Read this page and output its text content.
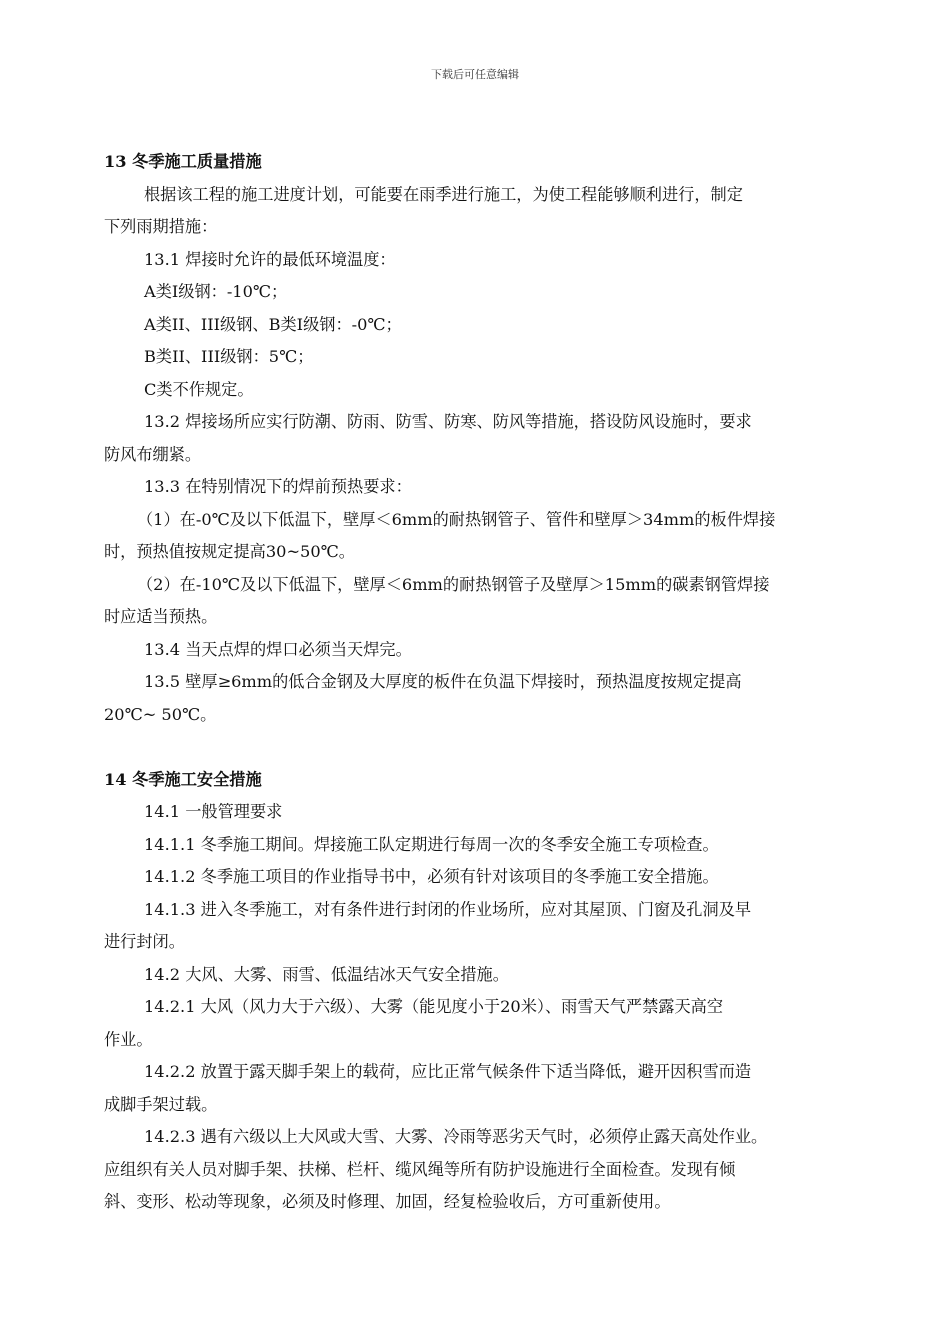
下载后可任意编辑
13 冬季施工质量措施
根据该工程的施工进度计划，可能要在雨季进行施工，为使工程能够顺利进行，制定
下列雨期措施：
13.1 焊接时允许的最低环境温度：
A类Ⅰ级钢：-10℃；
A类II、III级钢、B类Ⅰ级钢：-0℃；
B类II、III级钢：5℃；
C类不作规定。
13.2 焊接场所应实行防潮、防雨、防雪、防寒、防风等措施，搭设防风设施时，要求
防风布绷紧。
13.3 在特别情况下的焊前预热要求：
（1）在-0℃及以下低温下，壁厚＜6mm的耐热钢管子、管件和壁厚＞34mm的板件焊接
时，预热值按规定提高30~50℃。
（2）在-10℃及以下低温下，壁厚＜6mm的耐热钢管子及壁厚＞15mm的碳素钢管焊接
时应适当预热。
13.4 当天点焊的焊口必须当天焊完。
13.5 壁厚≥6mm的低合金钢及大厚度的板件在负温下焊接时，预热温度按规定提高
20℃~ 50℃。
14 冬季施工安全措施
14.1 一般管理要求
14.1.1 冬季施工期间。焊接施工队定期进行每周一次的冬季安全施工专项检查。
14.1.2 冬季施工项目的作业指导书中，必须有针对该项目的冬季施工安全措施。
14.1.3 进入冬季施工，对有条件进行封闭的作业场所，应对其屋顶、门窗及孔洞及早
进行封闭。
14.2 大风、大雾、雨雪、低温结冰天气安全措施。
14.2.1 大风（风力大于六级）、大雾（能见度小于20米）、雨雪天气严禁露天高空
作业。
14.2.2 放置于露天脚手架上的载荷，应比正常气候条件下适当降低，避开因积雪而造
成脚手架过载。
14.2.3 遇有六级以上大风或大雪、大雾、冷雨等恶劣天气时，必须停止露天高处作业。
应组织有关人员对脚手架、扶梯、栏杆、缆风绳等所有防护设施进行全面检查。发现有倾
斜、变形、松动等现象，必须及时修理、加固，经复检验收后，方可重新使用。
